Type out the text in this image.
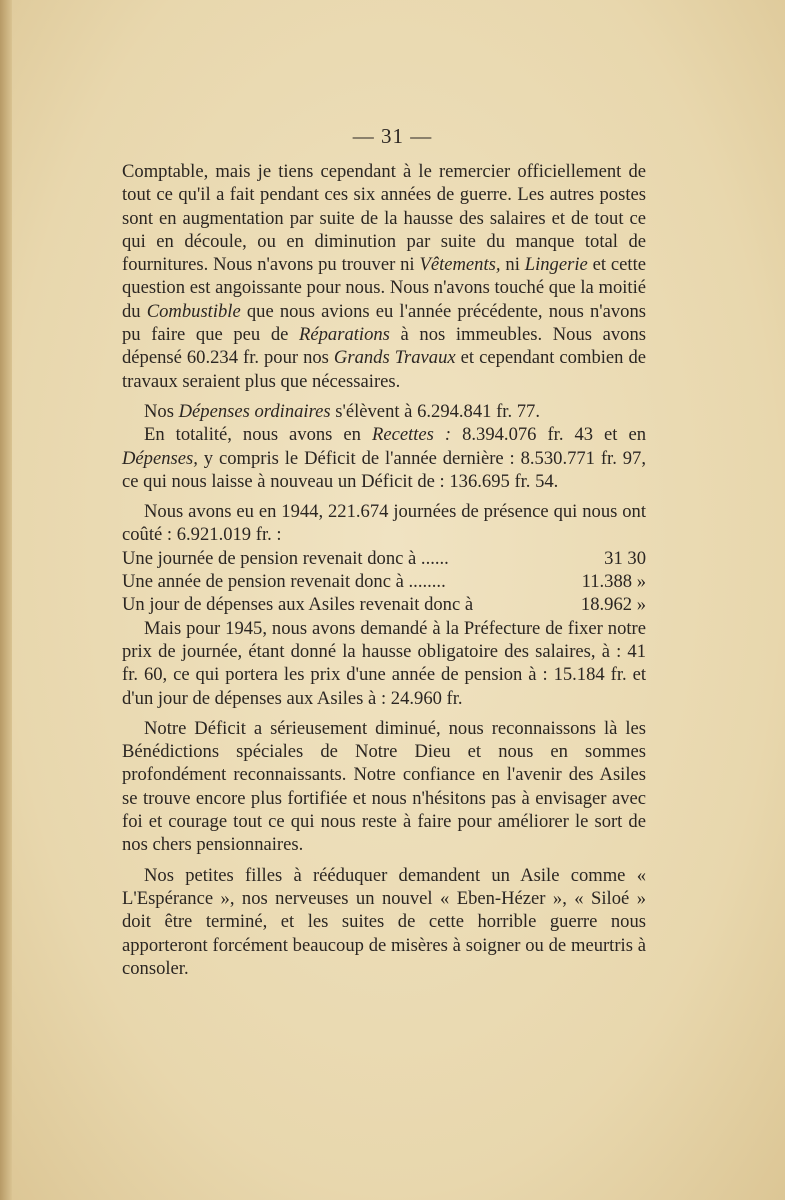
— 31 —

Comptable, mais je tiens cependant à le remercier officiellement de tout ce qu'il a fait pendant ces six années de guerre. Les autres postes sont en augmentation par suite de la hausse des salaires et de tout ce qui en découle, ou en diminution par suite du manque total de fournitures. Nous n'avons pu trouver ni Vêtements, ni Lingerie et cette question est angoissante pour nous. Nous n'avons touché que la moitié du Combustible que nous avions eu l'année précédente, nous n'avons pu faire que peu de Réparations à nos immeubles. Nous avons dépensé 60.234 fr. pour nos Grands Travaux et cependant combien de travaux seraient plus que nécessaires.

Nos Dépenses ordinaires s'élèvent à 6.294.841 fr. 77.

En totalité, nous avons en Recettes : 8.394.076 fr. 43 et en Dépenses, y compris le Déficit de l'année dernière : 8.530.771 fr. 97, ce qui nous laisse à nouveau un Déficit de : 136.695 fr. 54.

Nous avons eu en 1944, 221.674 journées de présence qui nous ont coûté : 6.921.019 fr. :

Une journée de pension revenait donc à ......	31 30
Une année de pension revenait donc à ........	11.388 »
Un jour de dépenses aux Asiles revenait donc à	18.962 »

Mais pour 1945, nous avons demandé à la Préfecture de fixer notre prix de journée, étant donné la hausse obligatoire des salaires, à : 41 fr. 60, ce qui portera les prix d'une année de pension à : 15.184 fr. et d'un jour de dépenses aux Asiles à : 24.960 fr.

Notre Déficit a sérieusement diminué, nous reconnaissons là les Bénédictions spéciales de Notre Dieu et nous en sommes profondément reconnaissants. Notre confiance en l'avenir des Asiles se trouve encore plus fortifiée et nous n'hésitons pas à envisager avec foi et courage tout ce qui nous reste à faire pour améliorer le sort de nos chers pensionnaires.

Nos petites filles à rééduquer demandent un Asile comme « L'Espérance », nos nerveuses un nouvel « Eben-Hézer », « Siloé » doit être terminé, et les suites de cette horrible guerre nous apporteront forcément beaucoup de misères à soigner ou de meurtris à consoler.
